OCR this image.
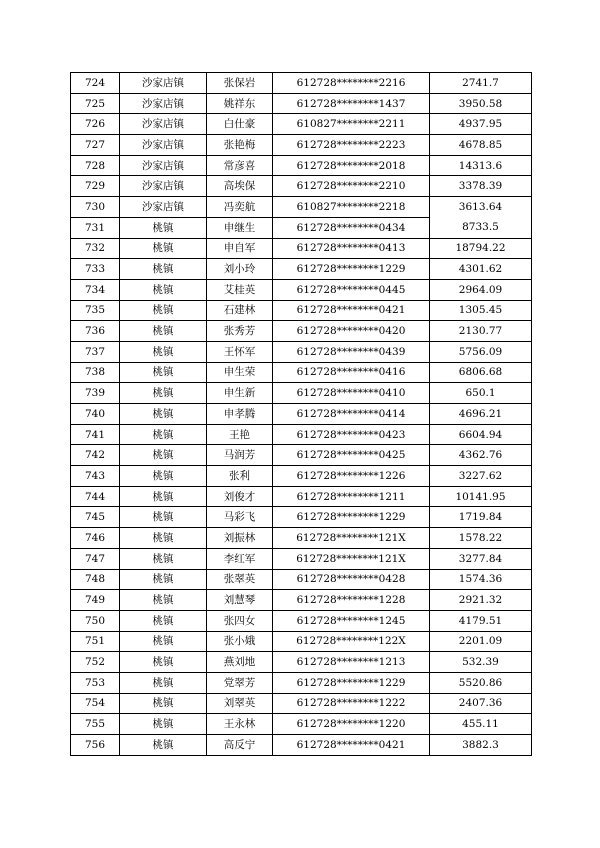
724	沙家店镇	张保岩	612728********2216	2741.7
725	沙家店镇	姚祥东	612728********1437	3950.58
726	沙家店镇	白仕豪	610827********2211	4937.95
727	沙家店镇	张艳梅	612728********2223	4678.85
728	沙家店镇	常彦喜	612728********2018	14313.6
729	沙家店镇	高埃保	612728********2210	3378.39
730	沙家店镇	冯奕航	610827********2218	3613.64
731	桃镇	申继生	612728********0434	8733.5
732	桃镇	申自军	612728********0413	18794.22
733	桃镇	刘小玲	612728********1229	4301.62
734	桃镇	艾桂英	612728********0445	2964.09
735	桃镇	石建林	612728********0421	1305.45
736	桃镇	张秀芳	612728********0420	2130.77
737	桃镇	王怀军	612728********0439	5756.09
738	桃镇	申生荣	612728********0416	6806.68
739	桃镇	申生新	612728********0410	650.1
740	桃镇	申孝腾	612728********0414	4696.21
741	桃镇	王艳	612728********0423	6604.94
742	桃镇	马润芳	612728********0425	4362.76
743	桃镇	张利	612728********1226	3227.62
744	桃镇	刘俊才	612728********1211	10141.95
745	桃镇	马彩飞	612728********1229	1719.84
746	桃镇	刘振林	612728********121X	1578.22
747	桃镇	李红军	612728********121X	3277.84
748	桃镇	张翠英	612728********0428	1574.36
749	桃镇	刘慧琴	612728********1228	2921.32
750	桃镇	张四女	612728********1245	4179.51
751	桃镇	张小娥	612728********122X	2201.09
752	桃镇	燕刘地	612728********1213	532.39
753	桃镇	党翠芳	612728********1229	5520.86
754	桃镇	刘翠英	612728********1222	2407.36
755	桃镇	王永林	612728********1220	455.11
756	桃镇	高反宁	612728********0421	3882.3
